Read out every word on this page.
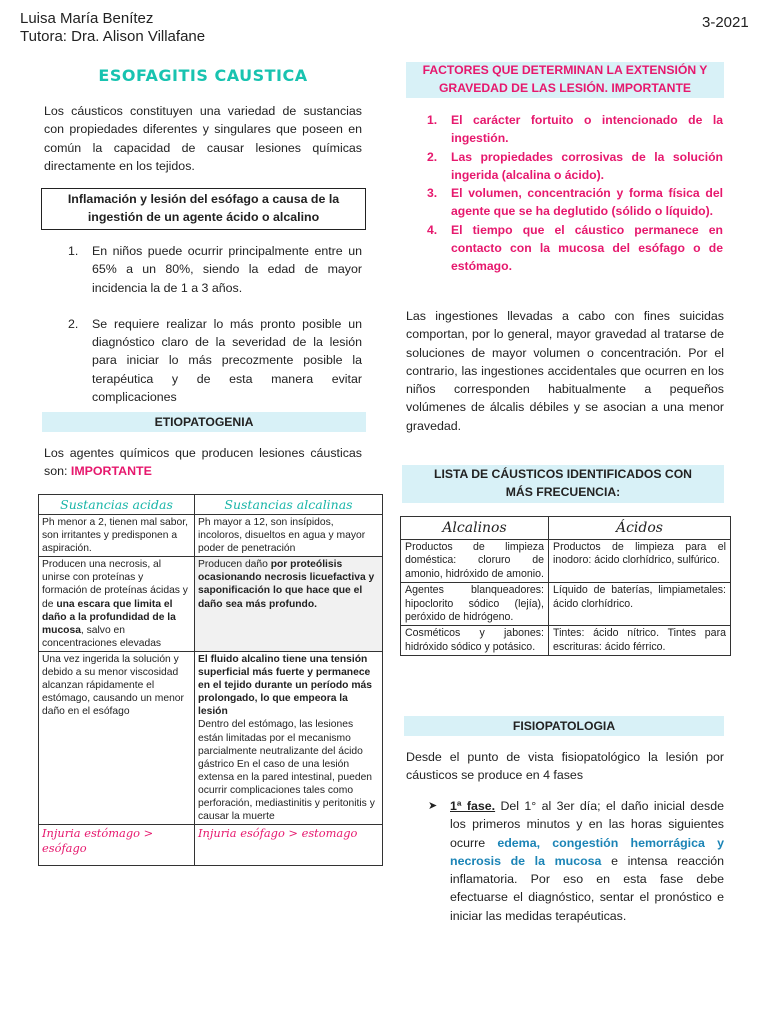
Luisa María Benítez
Tutora: Dra. Alison Villafane
3-2021
ESOFAGITIS CAUSTICA
Los cáusticos constituyen una variedad de sustancias con propiedades diferentes y singulares que poseen en común la capacidad de causar lesiones químicas directamente en los tejidos.
Inflamación y lesión del esófago a causa de la ingestión de un agente ácido o alcalino
1. En niños puede ocurrir principalmente entre un 65% a un 80%, siendo la edad de mayor incidencia la de 1 a 3 años.
2. Se requiere realizar lo más pronto posible un diagnóstico claro de la severidad de la lesión para iniciar lo más precozmente posible la terapéutica y de esta manera evitar complicaciones
ETIOPATOGENIA
Los agentes químicos que producen lesiones cáusticas son: IMPORTANTE
Sustancias acidas	Sustancias alcalinas
Ph menor a 2, tienen mal sabor, son irritantes y predisponen a aspiración.	Ph mayor a 12, son insípidos, incoloros, disueltos en agua y mayor poder de penetración
Producen una necrosis, al unirse con proteínas y formación de proteínas ácidas y de una escara que limita el daño a la profundidad de la mucosa, salvo en concentraciones elevadas	Producen daño por proteólisis ocasionando necrosis licuefactiva y saponificación lo que hace que el daño sea más profundo.
Una vez ingerida la solución y debido a su menor viscosidad alcanzan rápidamente el estómago, causando un menor daño en el esófago	El fluido alcalino tiene una tensión superficial más fuerte y permanece en el tejido durante un período más prolongado, lo que empeora la lesión
Dentro del estómago, las lesiones están limitadas por el mecanismo parcialmente neutralizante del ácido gástrico En el caso de una lesión extensa en la pared intestinal, pueden ocurrir complicaciones tales como perforación, mediastinitis y peritonitis y causar la muerte
Injuria estómago > esófago	Injuria esófago > estomago
FACTORES QUE DETERMINAN LA EXTENSIÓN Y GRAVEDAD DE LAS LESIÓN. IMPORTANTE
1. El carácter fortuito o intencionado de la ingestión.
2. Las propiedades corrosivas de la solución ingerida (alcalina o ácido).
3. El volumen, concentración y forma física del agente que se ha deglutido (sólido o líquido).
4. El tiempo que el cáustico permanece en contacto con la mucosa del esófago o de estómago.
Las ingestiones llevadas a cabo con fines suicidas comportan, por lo general, mayor gravedad al tratarse de soluciones de mayor volumen o concentración. Por el contrario, las ingestiones accidentales que ocurren en los niños corresponden habitualmente a pequeños volúmenes de álcalis débiles y se asocian a una menor gravedad.
LISTA DE CÁUSTICOS IDENTIFICADOS CON MÁS FRECUENCIA:
Alcalinos	Ácidos
Productos de limpieza doméstica: cloruro de amonio, hidróxido de amonio.	Productos de limpieza para el inodoro: ácido clorhídrico, sulfúrico.
Agentes blanqueadores: hipoclorito sódico (lejía), peróxido de hidrógeno.	Líquido de baterías, limpiametales: ácido clorhídrico.
Cosméticos y jabones: hidróxido sódico y potásico.	Tintes: ácido nítrico. Tintes para escrituras: ácido férrico.
FISIOPATOLOGIA
Desde el punto de vista fisiopatológico la lesión por cáusticos se produce en 4 fases
➤ 1ª fase. Del 1° al 3er día; el daño inicial desde los primeros minutos y en las horas siguientes ocurre edema, congestión hemorrágica y necrosis de la mucosa e intensa reacción inflamatoria. Por eso en esta fase debe efectuarse el diagnóstico, sentar el pronóstico e iniciar las medidas terapéuticas.
